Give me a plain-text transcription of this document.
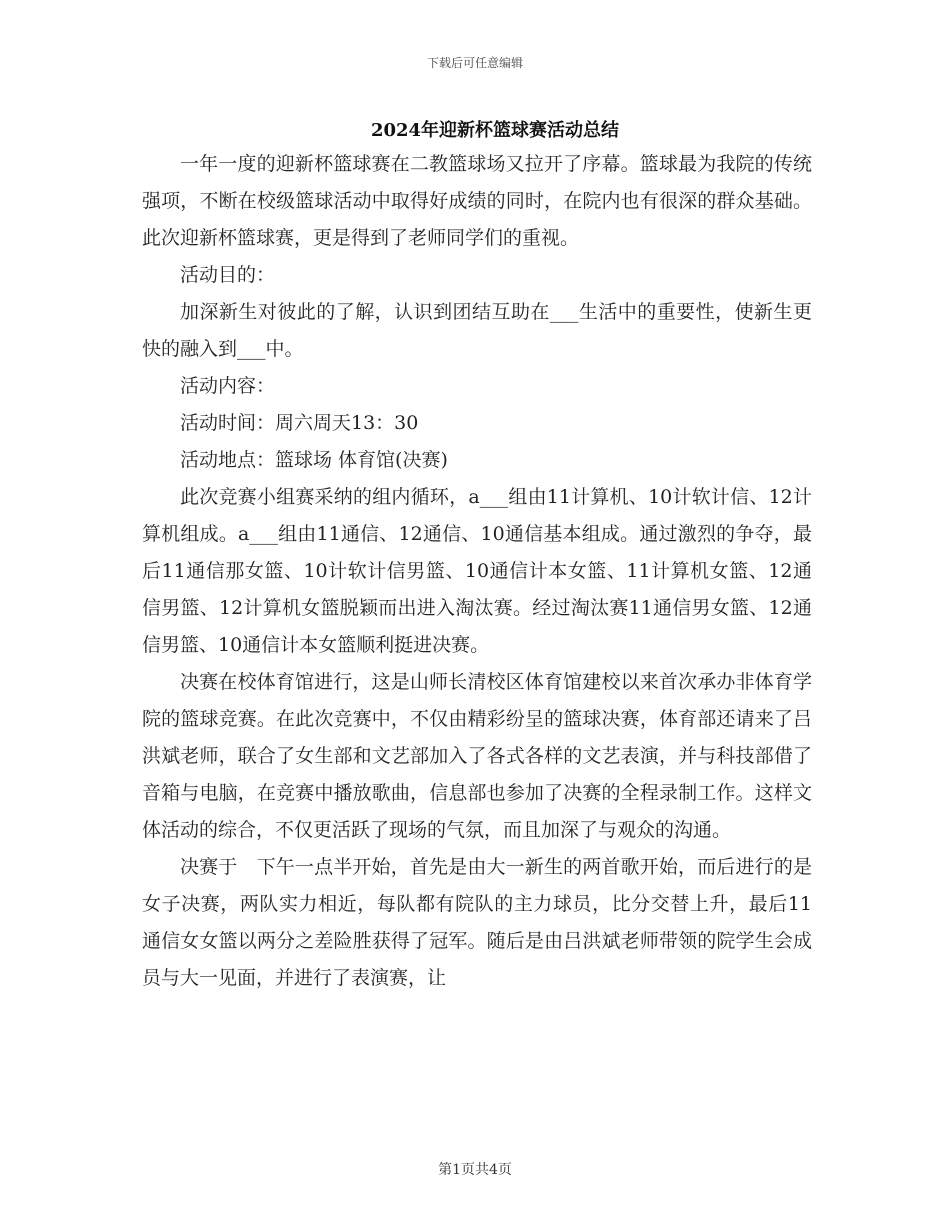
下载后可任意编辑
2024年迎新杯篮球赛活动总结

一年一度的迎新杯篮球赛在二教篮球场又拉开了序幕。篮球最为我院的传统强项，不断在校级篮球活动中取得好成绩的同时，在院内也有很深的群众基础。此次迎新杯篮球赛，更是得到了老师同学们的重视。

活动目的：

加深新生对彼此的了解，认识到团结互助在___生活中的重要性，使新生更快的融入到___中。

活动内容：

活动时间：周六周天13：30

活动地点：篮球场 体育馆(决赛)

此次竞赛小组赛采纳的组内循环，a___组由11计算机、10计软计信、12计算机组成。a___组由11通信、12通信、10通信基本组成。通过激烈的争夺，最后11通信那女篮、10计软计信男篮、10通信计本女篮、11计算机女篮、12通信男篮、12计算机女篮脱颖而出进入淘汰赛。经过淘汰赛11通信男女篮、12通信男篮、10通信计本女篮顺利挺进决赛。

决赛在校体育馆进行，这是山师长清校区体育馆建校以来首次承办非体育学院的篮球竞赛。在此次竞赛中，不仅由精彩纷呈的篮球决赛，体育部还请来了吕洪斌老师，联合了女生部和文艺部加入了各式各样的文艺表演，并与科技部借了音箱与电脑，在竞赛中播放歌曲，信息部也参加了决赛的全程录制工作。这样文体活动的综合，不仅更活跃了现场的气氛，而且加深了与观众的沟通。

决赛于　下午一点半开始，首先是由大一新生的两首歌开始，而后进行的是女子决赛，两队实力相近，每队都有院队的主力球员，比分交替上升，最后11通信女女篮以两分之差险胜获得了冠军。随后是由吕洪斌老师带领的院学生会成员与大一见面，并进行了表演赛，让

第1页共4页
